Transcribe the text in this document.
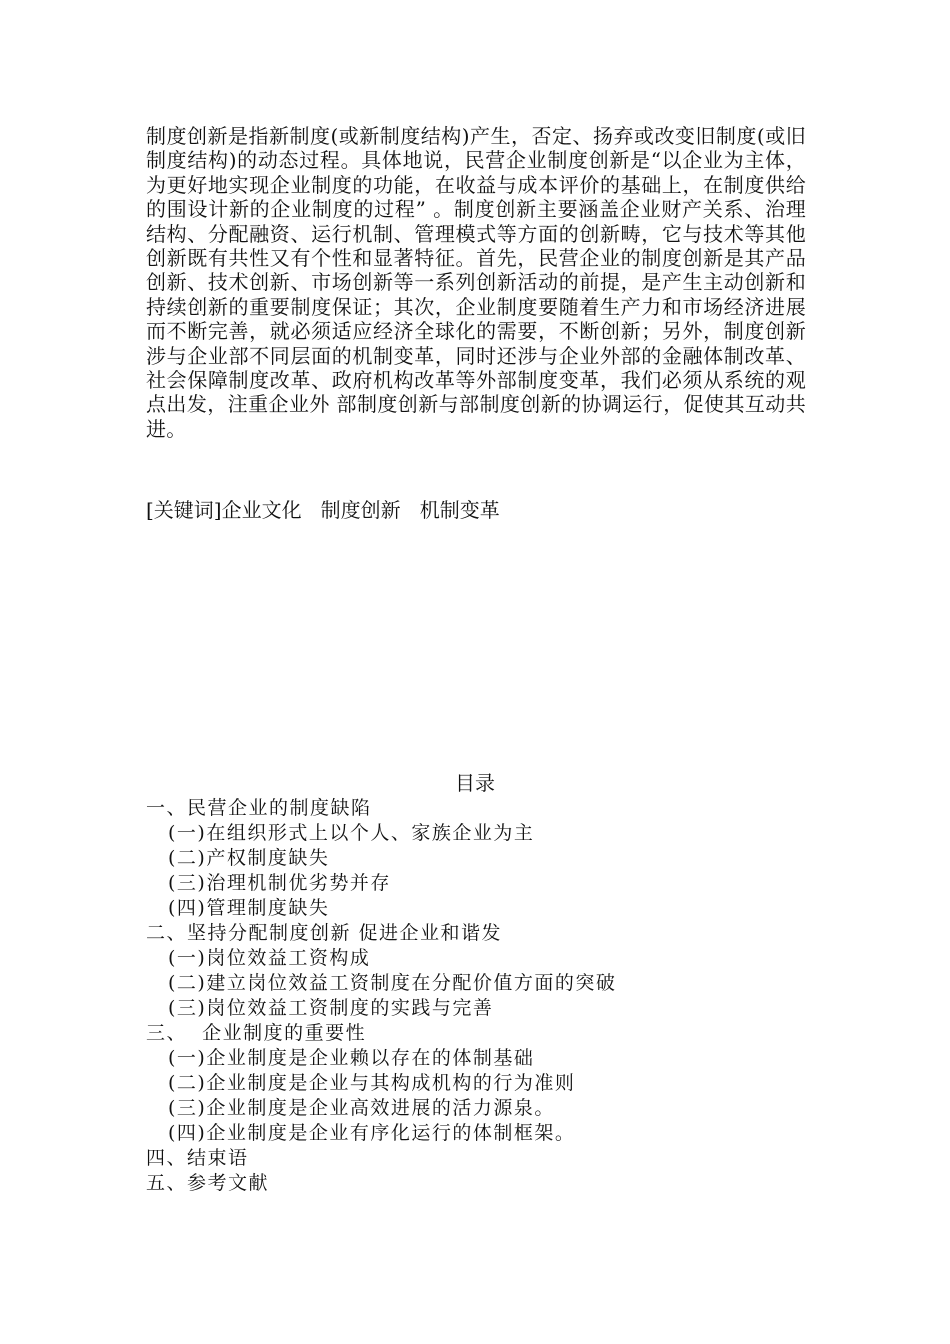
制度创新是指新制度(或新制度结构)产生，否定、扬弃或改变旧制度(或旧制度结构)的动态过程。具体地说，民营企业制度创新是“以企业为主体，为更好地实现企业制度的功能，在收益与成本评价的基础上，在制度供给的围设计新的企业制度的过程” 。制度创新主要涵盖企业财产关系、治理结构、分配融资、运行机制、管理模式等方面的创新畴，它与技术等其他创新既有共性又有个性和显著特征。首先，民营企业的制度创新是其产品创新、技术创新、市场创新等一系列创新活动的前提，是产生主动创新和持续创新的重要制度保证；其次，企业制度要随着生产力和市场经济进展而不断完善，就必须适应经济全球化的需要，不断创新；另外，制度创新涉与企业部不同层面的机制变革，同时还涉与企业外部的金融体制改革、社会保障制度改革、政府机构改革等外部制度变革，我们必须从系统的观点出发，注重企业外 部制度创新与部制度创新的协调运行，促使其互动共进。
[关键词]企业文化   制度创新   机制变革
目录
一、民营企业的制度缺陷
(一)在组织形式上以个人、家族企业为主
(二)产权制度缺失
(三)治理机制优劣势并存
(四)管理制度缺失
二、坚持分配制度创新 促进企业和谐发
(一)岗位效益工资构成
(二)建立岗位效益工资制度在分配价值方面的突破
(三)岗位效益工资制度的实践与完善
三、  企业制度的重要性
(一)企业制度是企业赖以存在的体制基础
(二)企业制度是企业与其构成机构的行为准则
(三)企业制度是企业高效进展的活力源泉。
(四)企业制度是企业有序化运行的体制框架。
四、结束语
五、参考文献
